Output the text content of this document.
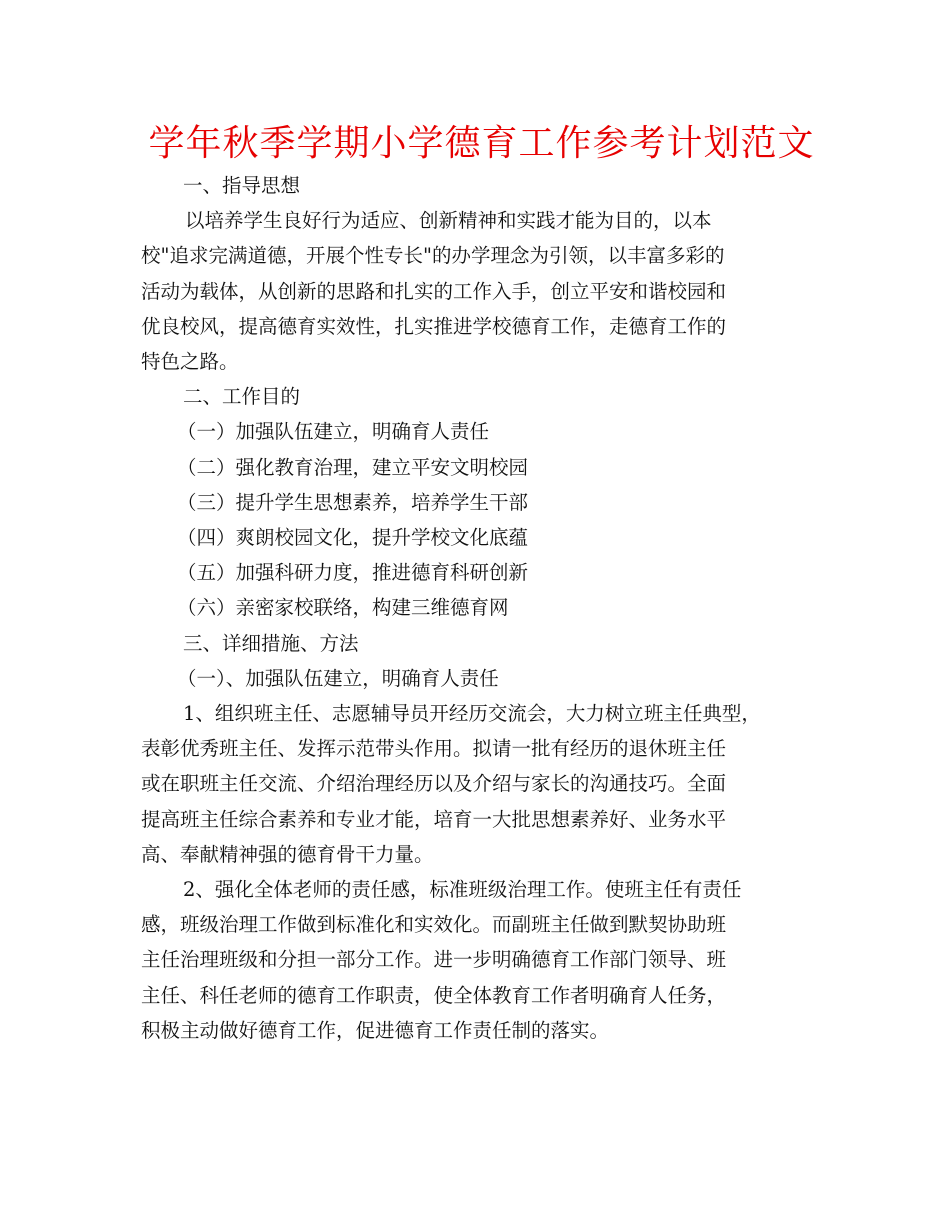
学年秋季学期小学德育工作参考计划范文

一、指导思想

以培养学生良好行为适应、创新精神和实践才能为目的，以本

校"追求完满道德，开展个性专长"的办学理念为引领，以丰富多彩的

活动为载体，从创新的思路和扎实的工作入手，创立平安和谐校园和

优良校风，提高德育实效性，扎实推进学校德育工作，走德育工作的

特色之路。

二、工作目的

（一）加强队伍建立，明确育人责任

（二）强化教育治理，建立平安文明校园

（三）提升学生思想素养，培养学生干部

（四）爽朗校园文化，提升学校文化底蕴

（五）加强科研力度，推进德育科研创新

（六）亲密家校联络，构建三维德育网

三、详细措施、方法

（一）、加强队伍建立，明确育人责任

1、组织班主任、志愿辅导员开经历交流会，大力树立班主任典型，

表彰优秀班主任、发挥示范带头作用。拟请一批有经历的退休班主任

或在职班主任交流、介绍治理经历以及介绍与家长的沟通技巧。全面

提高班主任综合素养和专业才能，培育一大批思想素养好、业务水平

高、奉献精神强的德育骨干力量。

2、强化全体老师的责任感，标准班级治理工作。使班主任有责任

感，班级治理工作做到标准化和实效化。而副班主任做到默契协助班

主任治理班级和分担一部分工作。进一步明确德育工作部门领导、班

主任、科任老师的德育工作职责，使全体教育工作者明确育人任务，

积极主动做好德育工作，促进德育工作责任制的落实。
